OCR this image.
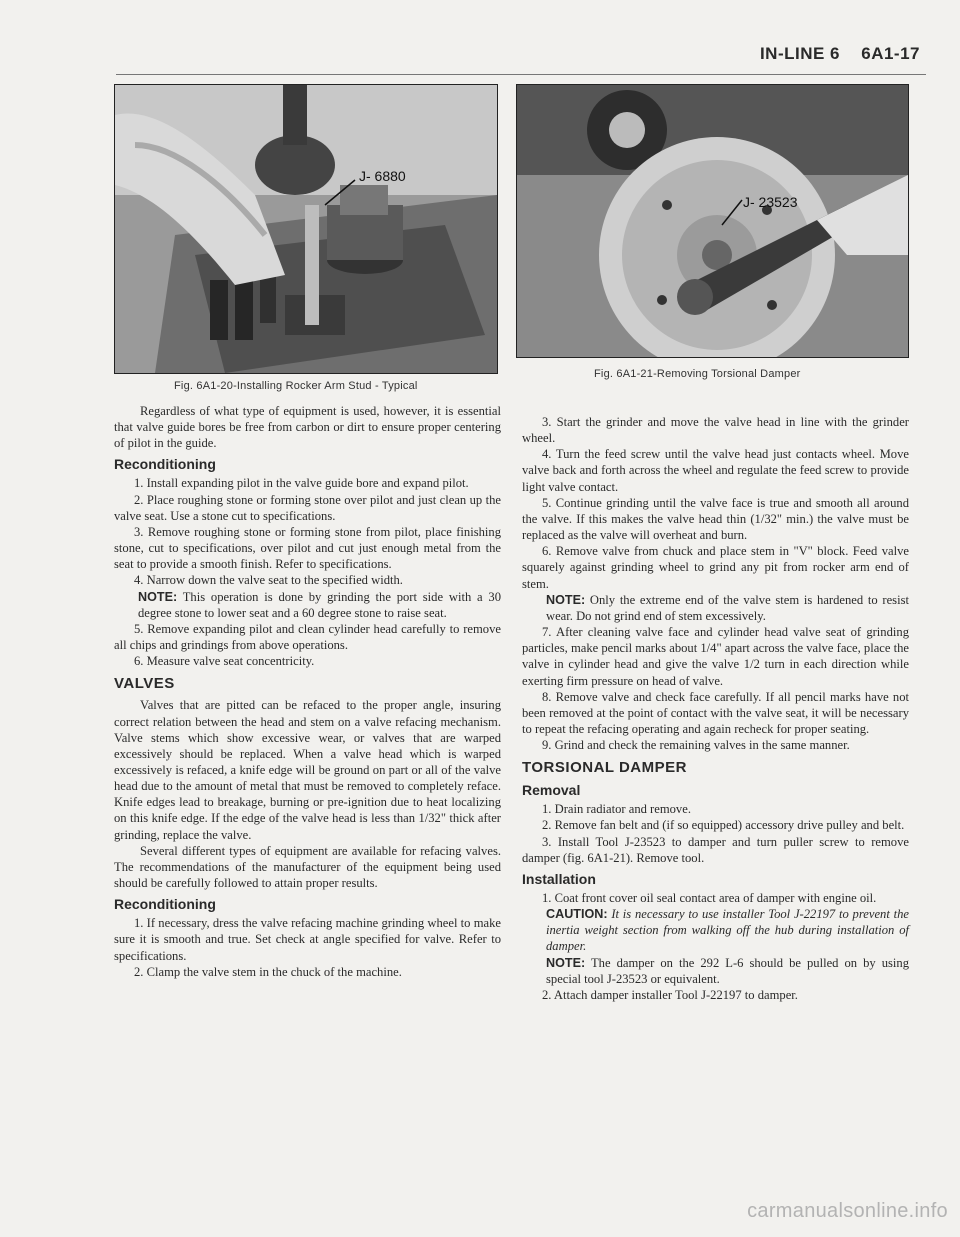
IN-LINE 6 6A1-17
J- 6880
Fig. 6A1-20-Installing Rocker Arm Stud - Typical
J- 23523
Fig. 6A1-21-Removing Torsional Damper

Regardless of what type of equipment is used, however, it is essential that valve guide bores be free from carbon or dirt to ensure proper centering of pilot in the guide.

Reconditioning

1. Install expanding pilot in the valve guide bore and expand pilot.

2. Place roughing stone or forming stone over pilot and just clean up the valve seat. Use a stone cut to specifications.

3. Remove roughing stone or forming stone from pilot, place finishing stone, cut to specifications, over pilot and cut just enough metal from the seat to provide a smooth finish. Refer to specifications.

4. Narrow down the valve seat to the specified width.

NOTE: This operation is done by grinding the port side with a 30 degree stone to lower seat and a 60 degree stone to raise seat.

5. Remove expanding pilot and clean cylinder head carefully to remove all chips and grindings from above operations.

6. Measure valve seat concentricity.

VALVES

Valves that are pitted can be refaced to the proper angle, insuring correct relation between the head and stem on a valve refacing mechanism. Valve stems which show excessive wear, or valves that are warped excessively should be replaced. When a valve head which is warped excessively is refaced, a knife edge will be ground on part or all of the valve head due to the amount of metal that must be removed to completely reface. Knife edges lead to breakage, burning or pre-ignition due to heat localizing on this knife edge. If the edge of the valve head is less than 1/32" thick after grinding, replace the valve.

Several different types of equipment are available for refacing valves. The recommendations of the manufacturer of the equipment being used should be carefully followed to attain proper results.

Reconditioning

1. If necessary, dress the valve refacing machine grinding wheel to make sure it is smooth and true. Set check at angle specified for valve. Refer to specifications.

2. Clamp the valve stem in the chuck of the machine.

3. Start the grinder and move the valve head in line with the grinder wheel.

4. Turn the feed screw until the valve head just contacts wheel. Move valve back and forth across the wheel and regulate the feed screw to provide light valve contact.

5. Continue grinding until the valve face is true and smooth all around the valve. If this makes the valve head thin (1/32" min.) the valve must be replaced as the valve will overheat and burn.

6. Remove valve from chuck and place stem in "V" block. Feed valve squarely against grinding wheel to grind any pit from rocker arm end of stem.

NOTE: Only the extreme end of the valve stem is hardened to resist wear. Do not grind end of stem excessively.

7. After cleaning valve face and cylinder head valve seat of grinding particles, make pencil marks about 1/4" apart across the valve face, place the valve in cylinder head and give the valve 1/2 turn in each direction while exerting firm pressure on head of valve.

8. Remove valve and check face carefully. If all pencil marks have not been removed at the point of contact with the valve seat, it will be necessary to repeat the refacing operating and again recheck for proper seating.

9. Grind and check the remaining valves in the same manner.

TORSIONAL DAMPER
Removal

1. Drain radiator and remove.

2. Remove fan belt and (if so equipped) accessory drive pulley and belt.

3. Install Tool J-23523 to damper and turn puller screw to remove damper (fig. 6A1-21). Remove tool.

Installation

1. Coat front cover oil seal contact area of damper with engine oil.

CAUTION: It is necessary to use installer Tool J-22197 to prevent the inertia weight section from walking off the hub during installation of damper.

NOTE: The damper on the 292 L-6 should be pulled on by using special tool J-23523 or equivalent.

2. Attach damper installer Tool J-22197 to damper.

carmanualsonline.info
